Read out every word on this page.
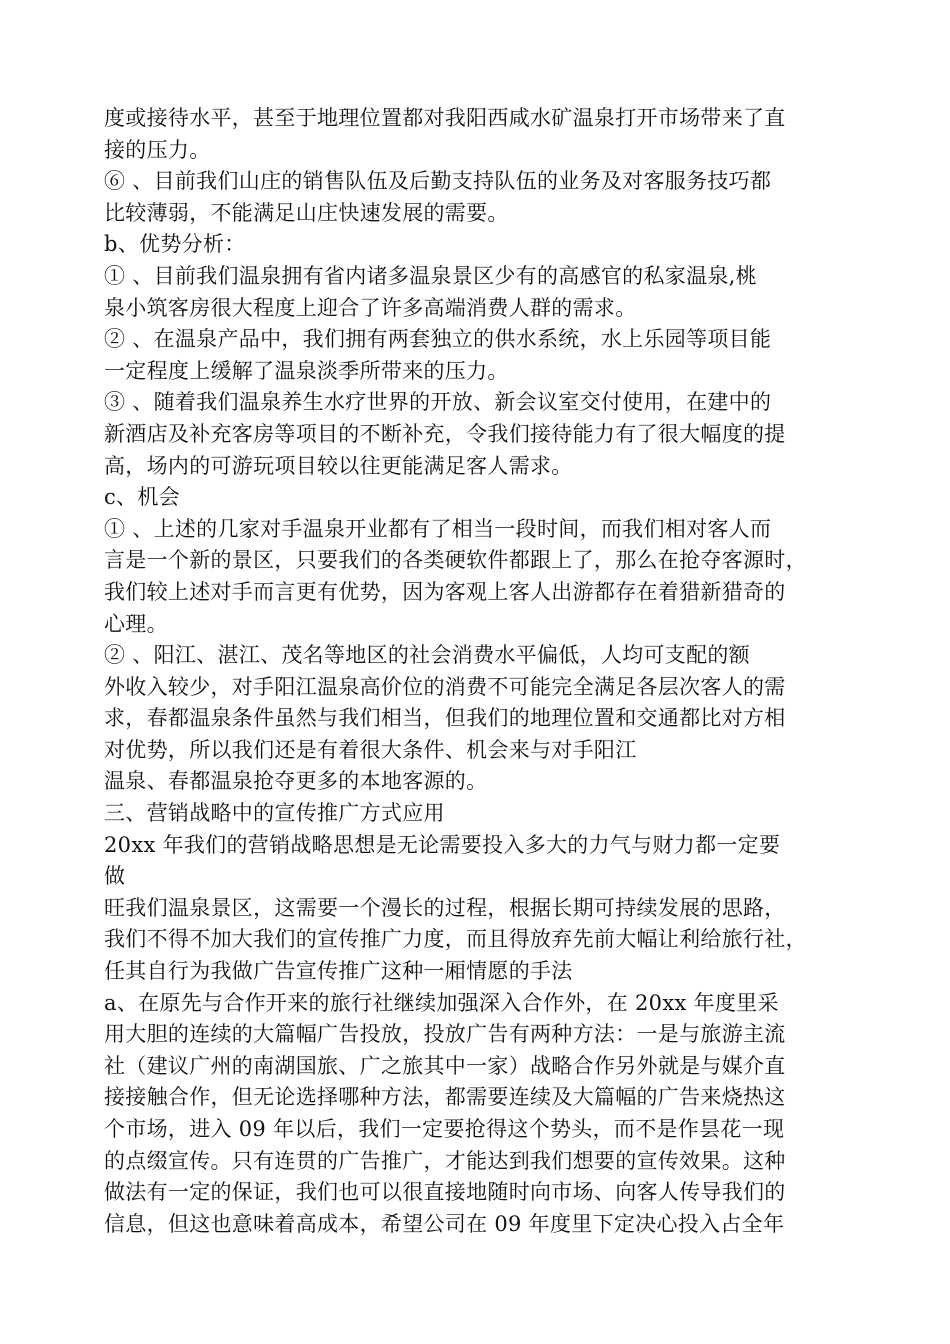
度或接待水平，甚至于地理位置都对我阳西咸水矿温泉打开市场带来了直
接的压力。
⑥ 、目前我们山庄的销售队伍及后勤支持队伍的业务及对客服务技巧都
比较薄弱，不能满足山庄快速发展的需要。
b、优势分析：
① 、目前我们温泉拥有省内诸多温泉景区少有的高感官的私家温泉,桃
泉小筑客房很大程度上迎合了许多高端消费人群的需求。
② 、在温泉产品中，我们拥有两套独立的供水系统，水上乐园等项目能
一定程度上缓解了温泉淡季所带来的压力。
③ 、随着我们温泉养生水疗世界的开放、新会议室交付使用，在建中的
新酒店及补充客房等项目的不断补充，令我们接待能力有了很大幅度的提
高，场内的可游玩项目较以往更能满足客人需求。
c、机会
① 、上述的几家对手温泉开业都有了相当一段时间，而我们相对客人而
言是一个新的景区，只要我们的各类硬软件都跟上了，那么在抢夺客源时，
我们较上述对手而言更有优势，因为客观上客人出游都存在着猎新猎奇的
心理。
② 、阳江、湛江、茂名等地区的社会消费水平偏低，人均可支配的额
外收入较少，对手阳江温泉高价位的消费不可能完全满足各层次客人的需
求，春都温泉条件虽然与我们相当，但我们的地理位置和交通都比对方相
对优势，所以我们还是有着很大条件、机会来与对手阳江
温泉、春都温泉抢夺更多的本地客源的。
三、营销战略中的宣传推广方式应用
20xx 年我们的营销战略思想是无论需要投入多大的力气与财力都一定要
做
旺我们温泉景区，这需要一个漫长的过程，根据长期可持续发展的思路，
我们不得不加大我们的宣传推广力度，而且得放弃先前大幅让利给旅行社，
任其自行为我做广告宣传推广这种一厢情愿的手法
a、在原先与合作开来的旅行社继续加强深入合作外，在 20xx 年度里采
用大胆的连续的大篇幅广告投放，投放广告有两种方法：一是与旅游主流
社（建议广州的南湖国旅、广之旅其中一家）战略合作另外就是与媒介直
接接触合作，但无论选择哪种方法，都需要连续及大篇幅的广告来烧热这
个市场，进入 09 年以后，我们一定要抢得这个势头，而不是作昙花一现
的点缀宣传。只有连贯的广告推广，才能达到我们想要的宣传效果。这种
做法有一定的保证，我们也可以很直接地随时向市场、向客人传导我们的
信息，但这也意味着高成本，希望公司在 09 年度里下定决心投入占全年
